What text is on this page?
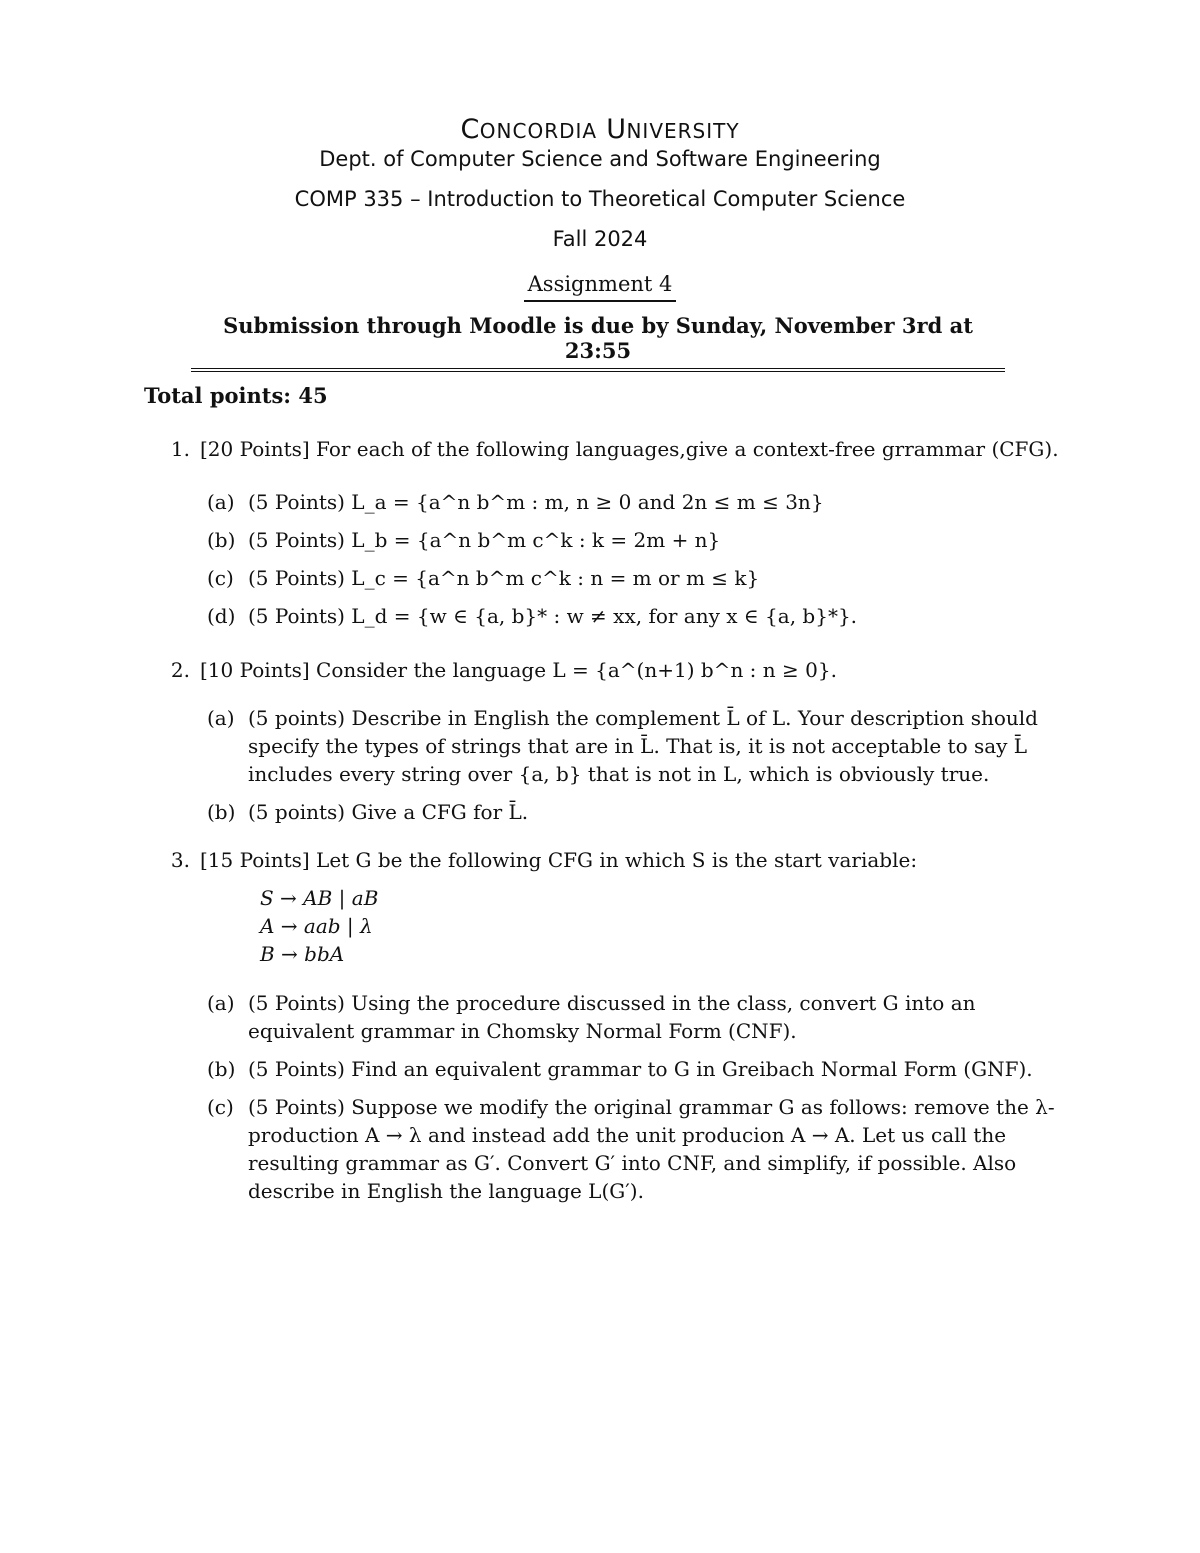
CONCORDIA UNIVERSITY
Dept. of Computer Science and Software Engineering
COMP 335 – Introduction to Theoretical Computer Science
Fall 2024
Assignment 4
Submission through Moodle is due by Sunday, November 3rd at 23:55
Total points: 45
1. [20 Points] For each of the following languages,give a context-free grrammar (CFG).
(a) (5 Points) L_a = {a^n b^m : m, n ≥ 0 and 2n ≤ m ≤ 3n}
(b) (5 Points) L_b = {a^n b^m c^k : k = 2m + n}
(c) (5 Points) L_c = {a^n b^m c^k : n = m or m ≤ k}
(d) (5 Points) L_d = {w ∈ {a, b}* : w ≠ xx, for any x ∈ {a, b}*}.
2. [10 Points] Consider the language L = {a^(n+1) b^n : n ≥ 0}.
(a) (5 points) Describe in English the complement L̄ of L. Your description should specify the types of strings that are in L̄. That is, it is not acceptable to say L̄ includes every string over {a, b} that is not in L, which is obviously true.
(b) (5 points) Give a CFG for L̄.
3. [15 Points] Let G be the following CFG in which S is the start variable:
S → AB | aB
A → aab | λ
B → bbA
(a) (5 Points) Using the procedure discussed in the class, convert G into an equivalent grammar in Chomsky Normal Form (CNF).
(b) (5 Points) Find an equivalent grammar to G in Greibach Normal Form (GNF).
(c) (5 Points) Suppose we modify the original grammar G as follows: remove the λ-production A → λ and instead add the unit producion A → A. Let us call the resulting grammar as G′. Convert G′ into CNF, and simplify, if possible. Also describe in English the language L(G′).
